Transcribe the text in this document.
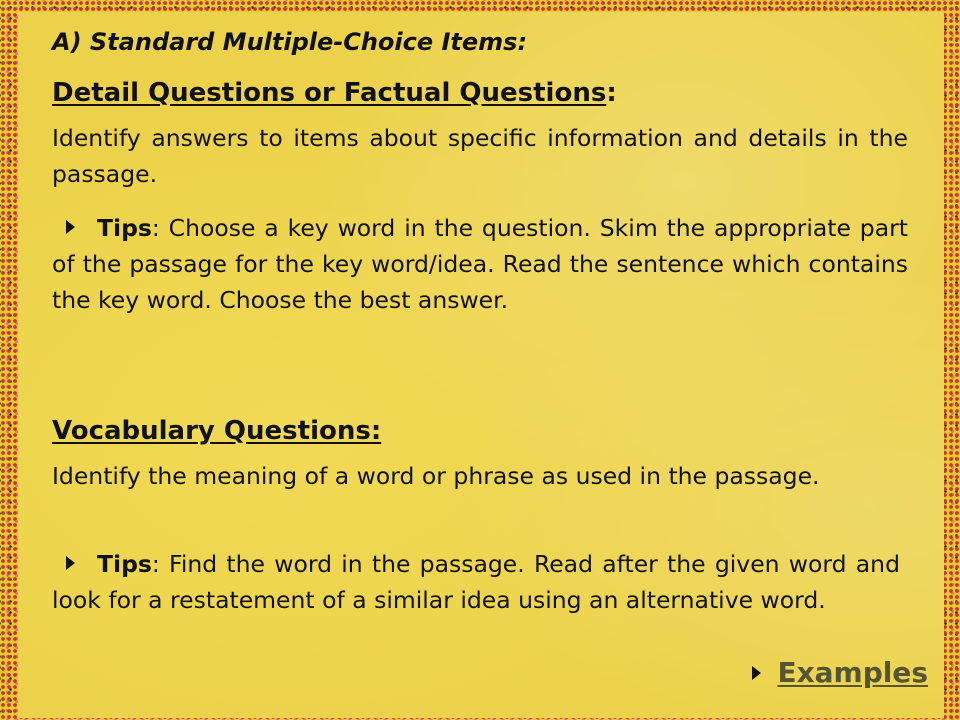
A) Standard Multiple-Choice Items:
Detail Questions or Factual Questions:
Identify answers to items about specific information and details in the passage.
Tips: Choose a key word in the question. Skim the appropriate part of the passage for the key word/idea. Read the sentence which contains the key word. Choose the best answer.
Vocabulary Questions:
Identify the meaning of a word or phrase as used in the passage.
Tips: Find the word in the passage. Read after the given word and look for a restatement of a similar idea using an alternative word.
Examples
